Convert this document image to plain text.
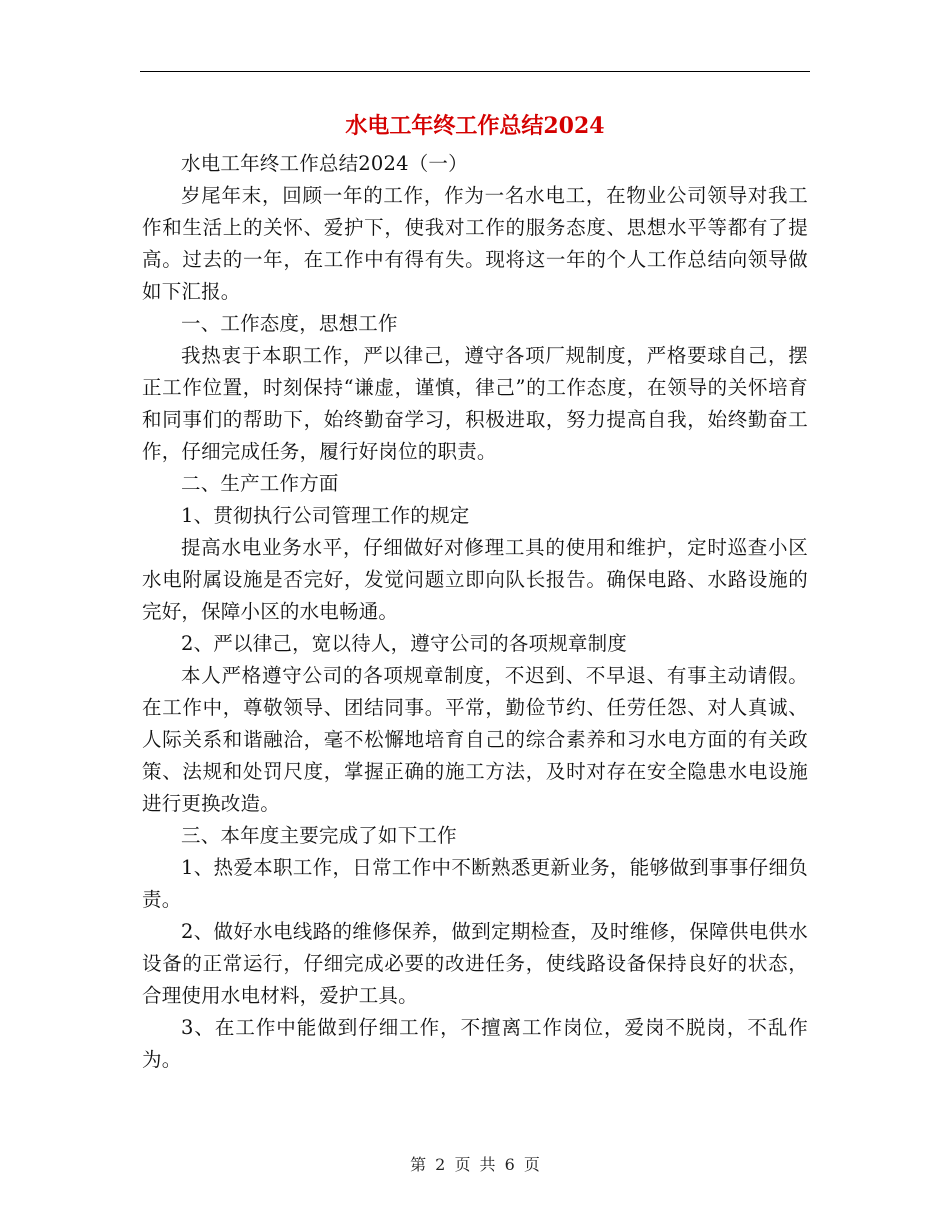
水电工年终工作总结2024

水电工年终工作总结2024（一）

岁尾年末，回顾一年的工作，作为一名水电工，在物业公司领导对我工作和生活上的关怀、爱护下，使我对工作的服务态度、思想水平等都有了提高。过去的一年，在工作中有得有失。现将这一年的个人工作总结向领导做如下汇报。

一、工作态度，思想工作

我热衷于本职工作，严以律己，遵守各项厂规制度，严格要球自己，摆正工作位置，时刻保持“谦虚，谨慎，律己”的工作态度，在领导的关怀培育和同事们的帮助下，始终勤奋学习，积极进取，努力提高自我，始终勤奋工作，仔细完成任务，履行好岗位的职责。

二、生产工作方面

1、贯彻执行公司管理工作的规定

提高水电业务水平，仔细做好对修理工具的使用和维护，定时巡查小区水电附属设施是否完好，发觉问题立即向队长报告。确保电路、水路设施的完好，保障小区的水电畅通。

2、严以律己，宽以待人，遵守公司的各项规章制度

本人严格遵守公司的各项规章制度，不迟到、不早退、有事主动请假。在工作中，尊敬领导、团结同事。平常，勤俭节约、任劳任怨、对人真诚、人际关系和谐融洽，毫不松懈地培育自己的综合素养和习水电方面的有关政策、法规和处罚尺度，掌握正确的施工方法，及时对存在安全隐患水电设施进行更换改造。

三、本年度主要完成了如下工作

1、热爱本职工作，日常工作中不断熟悉更新业务，能够做到事事仔细负责。

2、做好水电线路的维修保养，做到定期检查，及时维修，保障供电供水设备的正常运行，仔细完成必要的改进任务，使线路设备保持良好的状态，合理使用水电材料，爱护工具。

3、在工作中能做到仔细工作，不擅离工作岗位，爱岗不脱岗，不乱作为。

第 2 页 共 6 页
